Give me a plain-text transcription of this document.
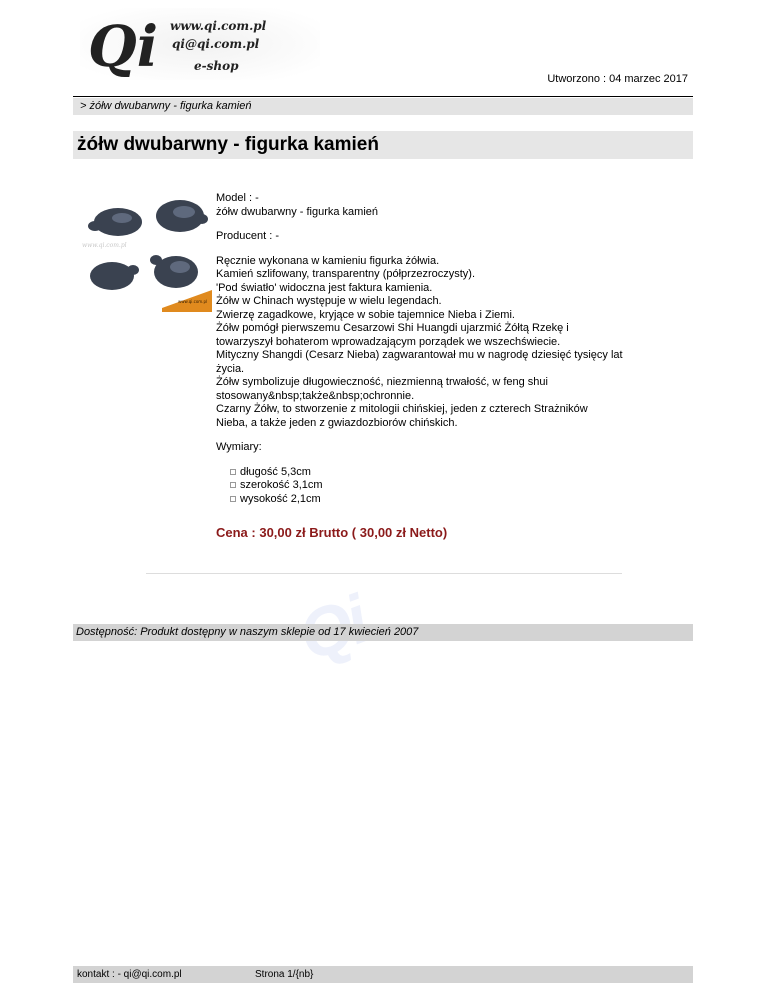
Qi www.qi.com.pl
qi@qi.com.pl
e-shop
Utworzono : 04 marzec 2017
> żółw dwubarwny - figurka kamień
żółw dwubarwny - figurka kamień
www.qi.com.pl
www.qi.com.pl

Model : -

żółw dwubarwny - figurka kamień

Producent : -

Ręcznie wykonana w kamieniu figurka żółwia.

Kamień szlifowany, transparentny (półprzezroczysty).

'Pod światło' widoczna jest faktura kamienia.

Żółw w Chinach występuje w wielu legendach.

Zwierzę zagadkowe, kryjące w sobie tajemnice Nieba i Ziemi.

Żółw pomógł pierwszemu Cesarzowi Shi Huangdi ujarzmić Żółtą Rzekę i

towarzyszył bohaterom wprowadzającym porządek we wszechświecie.

Mityczny Shangdi (Cesarz Nieba) zagwarantował mu w nagrodę dziesięć tysięcy lat

życia.

Żółw symbolizuje długowieczność, niezmienną trwałość, w feng shui

stosowany&nbsp;także&nbsp;ochronnie.

Czarny Żółw, to stworzenie z mitologii chińskiej, jeden z czterech Strażników

Nieba, a także jeden z gwiazdozbiorów chińskich.

Wymiary:

długość 5,3cm
szerokość 3,1cm
wysokość 2,1cm
Cena : 30,00 zł Brutto ( 30,00 zł Netto)
Dostępność: Produkt dostępny w naszym sklepie od 17 kwiecień 2007
kontakt : - qi@qi.com.pl	Strona 1/{nb}
